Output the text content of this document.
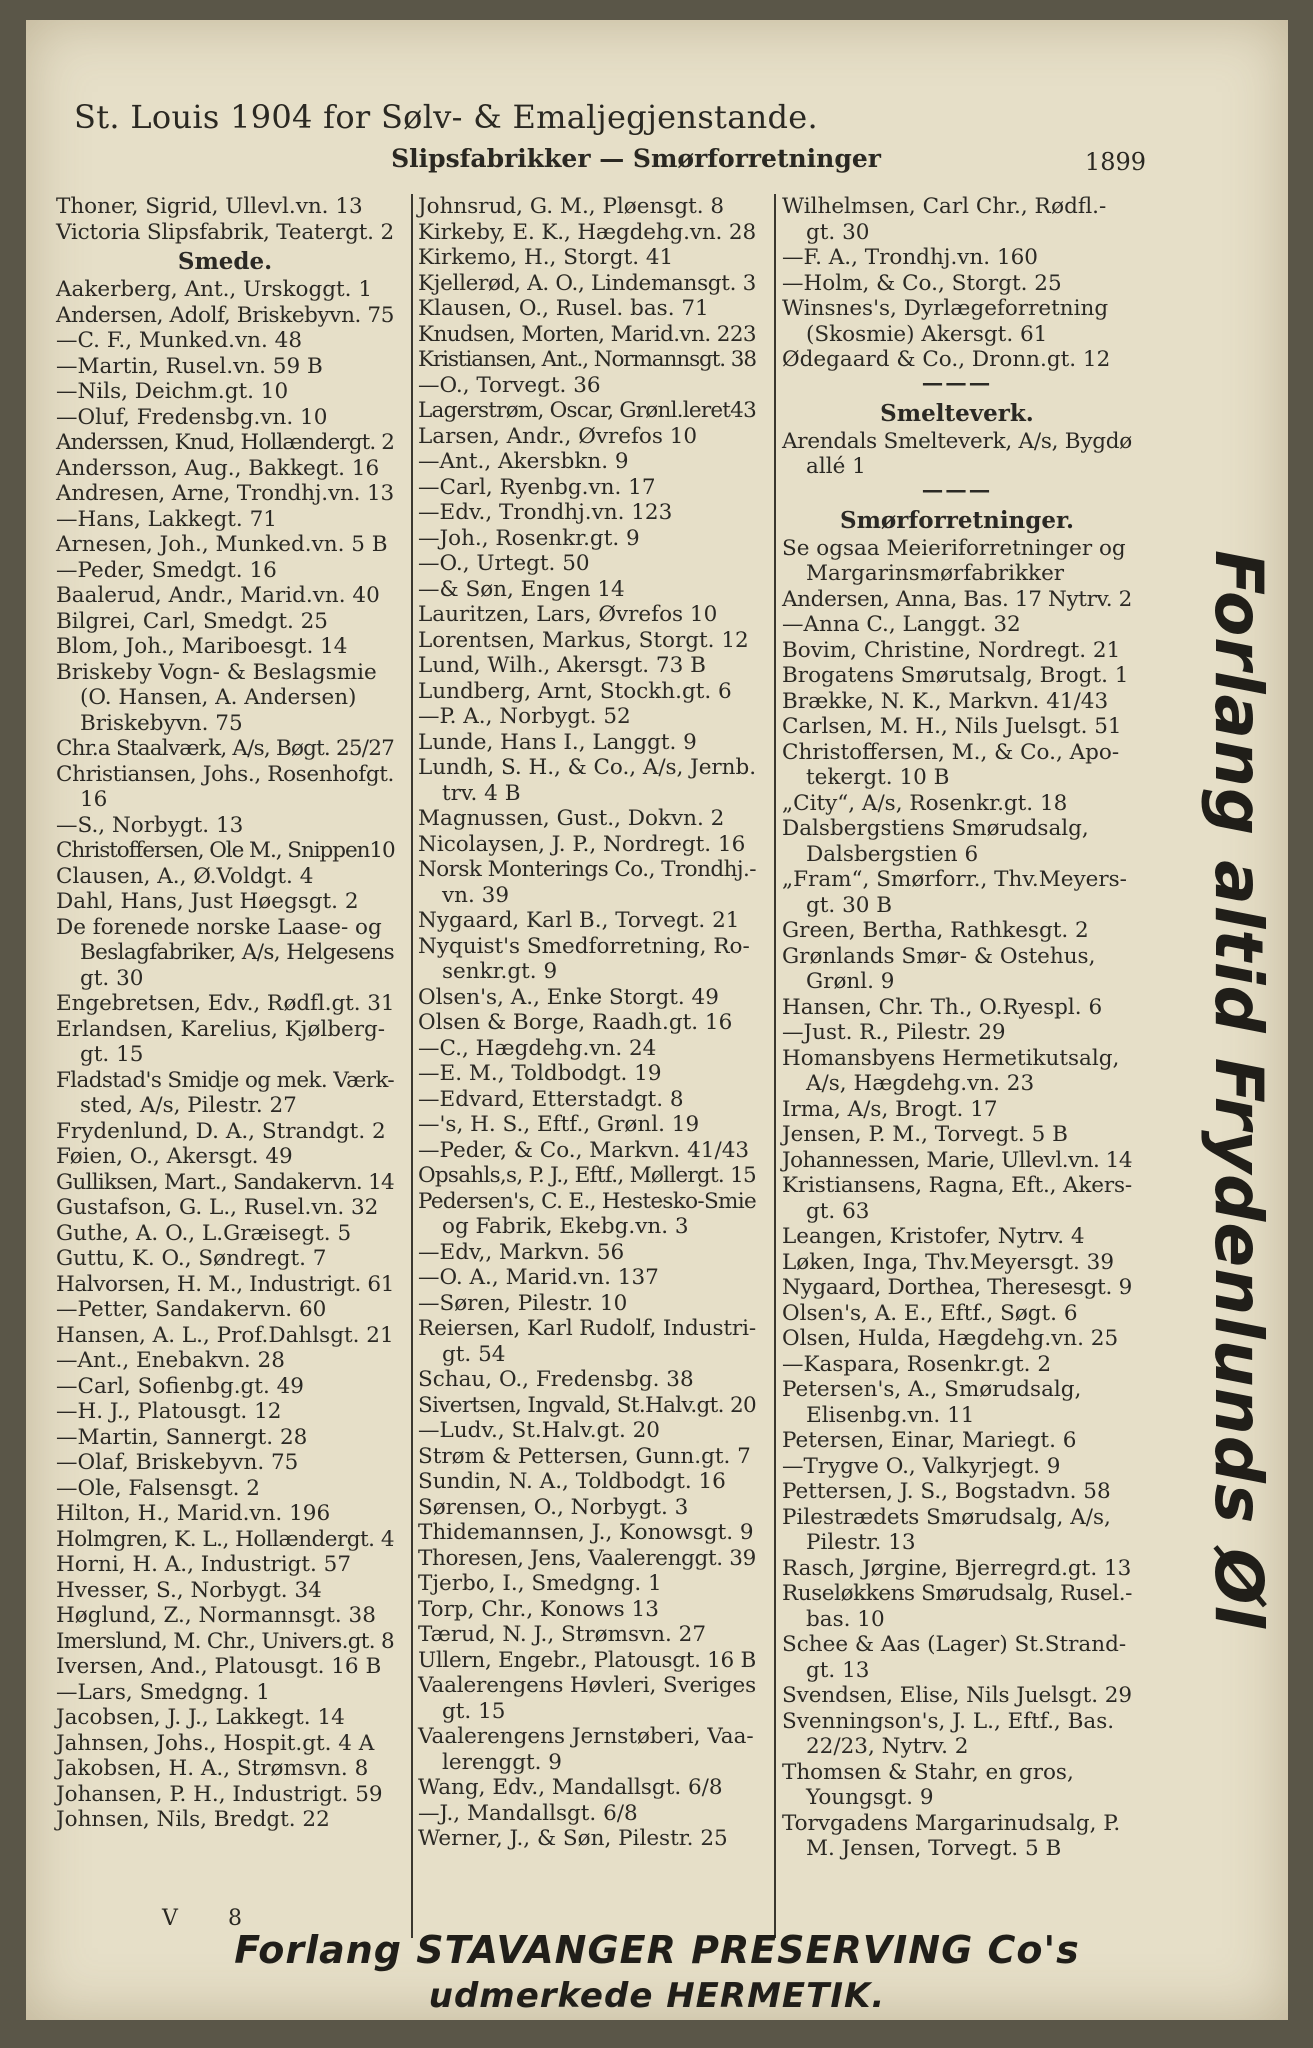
St. Louis 1904 for Sølv- & Emaljegjenstande.
Slipsfabrikker — Smørforretninger	1899
Thoner, Sigrid, Ullevl.vn. 13
Victoria Slipsfabrik, Teatergt. 2
Smede.
Aakerberg, Ant., Urskoggt. 1
Andersen, Adolf, Briskebyvn. 75
—C. F., Munked.vn. 48
—Martin, Rusel.vn. 59 B
—Nils, Deichm.gt. 10
—Oluf, Fredensbg.vn. 10
Anderssen, Knud, Hollændergt. 2
Andersson, Aug., Bakkegt. 16
Andresen, Arne, Trondhj.vn. 13
—Hans, Lakkegt. 71
Arnesen, Joh., Munked.vn. 5 B
—Peder, Smedgt. 16
Baalerud, Andr., Marid.vn. 40
Bilgrei, Carl, Smedgt. 25
Blom, Joh., Mariboesgt. 14
Briskeby Vogn- & Beslagsmie
(O. Hansen, A. Andersen)
Briskebyvn. 75
Chr.a Staalværk, A/s, Bøgt. 25/27
Christiansen, Johs., Rosenhofgt.
16
—S., Norbygt. 13
Christoffersen, Ole M., Snippen10
Clausen, A., Ø.Voldgt. 4
Dahl, Hans, Just Høegsgt. 2
De forenede norske Laase- og
Beslagfabriker, A/s, Helgesens
gt. 30
Engebretsen, Edv., Rødfl.gt. 31
Erlandsen, Karelius, Kjølberg-
gt. 15
Fladstad's Smidje og mek. Værk-
sted, A/s, Pilestr. 27
Frydenlund, D. A., Strandgt. 2
Føien, O., Akersgt. 49
Gulliksen, Mart., Sandakervn. 14
Gustafson, G. L., Rusel.vn. 32
Guthe, A. O., L.Græisegt. 5
Guttu, K. O., Søndregt. 7
Halvorsen, H. M., Industrigt. 61
—Petter, Sandakervn. 60
Hansen, A. L., Prof.Dahlsgt. 21
—Ant., Enebakvn. 28
—Carl, Sofienbg.gt. 49
—H. J., Platousgt. 12
—Martin, Sannergt. 28
—Olaf, Briskebyvn. 75
—Ole, Falsensgt. 2
Hilton, H., Marid.vn. 196
Holmgren, K. L., Hollændergt. 4
Horni, H. A., Industrigt. 57
Hvesser, S., Norbygt. 34
Høglund, Z., Normannsgt. 38
Imerslund, M. Chr., Univers.gt. 8
Iversen, And., Platousgt. 16 B
—Lars, Smedgng. 1
Jacobsen, J. J., Lakkegt. 14
Jahnsen, Johs., Hospit.gt. 4 A
Jakobsen, H. A., Strømsvn. 8
Johansen, P. H., Industrigt. 59
Johnsen, Nils, Bredgt. 22
Johnsrud, G. M., Pløensgt. 8
Kirkeby, E. K., Hægdehg.vn. 28
Kirkemo, H., Storgt. 41
Kjellerød, A. O., Lindemansgt. 3
Klausen, O., Rusel. bas. 71
Knudsen, Morten, Marid.vn. 223
Kristiansen, Ant., Normannsgt. 38
—O., Torvegt. 36
Lagerstrøm, Oscar, Grønl.leret43
Larsen, Andr., Øvrefos 10
—Ant., Akersbkn. 9
—Carl, Ryenbg.vn. 17
—Edv., Trondhj.vn. 123
—Joh., Rosenkr.gt. 9
—O., Urtegt. 50
—& Søn, Engen 14
Lauritzen, Lars, Øvrefos 10
Lorentsen, Markus, Storgt. 12
Lund, Wilh., Akersgt. 73 B
Lundberg, Arnt, Stockh.gt. 6
—P. A., Norbygt. 52
Lunde, Hans I., Langgt. 9
Lundh, S. H., & Co., A/s, Jernb.
trv. 4 B
Magnussen, Gust., Dokvn. 2
Nicolaysen, J. P., Nordregt. 16
Norsk Monterings Co., Trondhj.-
vn. 39
Nygaard, Karl B., Torvegt. 21
Nyquist's Smedforretning, Ro-
senkr.gt. 9
Olsen's, A., Enke Storgt. 49
Olsen & Borge, Raadh.gt. 16
—C., Hægdehg.vn. 24
—E. M., Toldbodgt. 19
—Edvard, Etterstadgt. 8
—'s, H. S., Eftf., Grønl. 19
—Peder, & Co., Markvn. 41/43
Opsahls,s, P. J., Eftf., Møllergt. 15
Pedersen's, C. E., Hestesko-Smie
og Fabrik, Ekebg.vn. 3
—Edv,, Markvn. 56
—O. A., Marid.vn. 137
—Søren, Pilestr. 10
Reiersen, Karl Rudolf, Industri-
gt. 54
Schau, O., Fredensbg. 38
Sivertsen, Ingvald, St.Halv.gt. 20
—Ludv., St.Halv.gt. 20
Strøm & Pettersen, Gunn.gt. 7
Sundin, N. A., Toldbodgt. 16
Sørensen, O., Norbygt. 3
Thidemannsen, J., Konowsgt. 9
Thoresen, Jens, Vaalerenggt. 39
Tjerbo, I., Smedgng. 1
Torp, Chr., Konows 13
Tærud, N. J., Strømsvn. 27
Ullern, Engebr., Platousgt. 16 B
Vaalerengens Høvleri, Sveriges
gt. 15
Vaalerengens Jernstøberi, Vaa-
lerenggt. 9
Wang, Edv., Mandallsgt. 6/8
—J., Mandallsgt. 6/8
Werner, J., & Søn, Pilestr. 25
Wilhelmsen, Carl Chr., Rødfl.-
gt. 30
—F. A., Trondhj.vn. 160
—Holm, & Co., Storgt. 25
Winsnes's, Dyrlægeforretning
(Skosmie) Akersgt. 61
Ødegaard & Co., Dronn.gt. 12
———
Smelteverk.
Arendals Smelteverk, A/s, Bygdø
allé 1
———
Smørforretninger.
Se ogsaa Meieriforretninger og
Margarinsmørfabrikker
Andersen, Anna, Bas. 17 Nytrv. 2
—Anna C., Langgt. 32
Bovim, Christine, Nordregt. 21
Brogatens Smørutsalg, Brogt. 1
Brække, N. K., Markvn. 41/43
Carlsen, M. H., Nils Juelsgt. 51
Christoffersen, M., & Co., Apo-
tekergt. 10 B
„City“, A/s, Rosenkr.gt. 18
Dalsbergstiens Smørudsalg,
Dalsbergstien 6
„Fram“, Smørforr., Thv.Meyers-
gt. 30 B
Green, Bertha, Rathkesgt. 2
Grønlands Smør- & Ostehus,
Grønl. 9
Hansen, Chr. Th., O.Ryespl. 6
—Just. R., Pilestr. 29
Homansbyens Hermetikutsalg,
A/s, Hægdehg.vn. 23
Irma, A/s, Brogt. 17
Jensen, P. M., Torvegt. 5 B
Johannessen, Marie, Ullevl.vn. 14
Kristiansens, Ragna, Eft., Akers-
gt. 63
Leangen, Kristofer, Nytrv. 4
Løken, Inga, Thv.Meyersgt. 39
Nygaard, Dorthea, Theresesgt. 9
Olsen's, A. E., Eftf., Søgt. 6
Olsen, Hulda, Hægdehg.vn. 25
—Kaspara, Rosenkr.gt. 2
Petersen's, A., Smørudsalg,
Elisenbg.vn. 11
Petersen, Einar, Mariegt. 6
—Trygve O., Valkyrjegt. 9
Pettersen, J. S., Bogstadvn. 58
Pilestrædets Smørudsalg, A/s,
Pilestr. 13
Rasch, Jørgine, Bjerregrd.gt. 13
Ruseløkkens Smørudsalg, Rusel.-
bas. 10
Schee & Aas (Lager) St.Strand-
gt. 13
Svendsen, Elise, Nils Juelsgt. 29
Svenningson's, J. L., Eftf., Bas.
22/23, Nytrv. 2
Thomsen & Stahr, en gros,
Youngsgt. 9
Torvgadens Margarinudsalg, P.
M. Jensen, Torvegt. 5 B
Forlang altid Frydenlunds Øl
V 8
Forlang STAVANGER PRESERVING Co's
udmerkede HERMETIK.
